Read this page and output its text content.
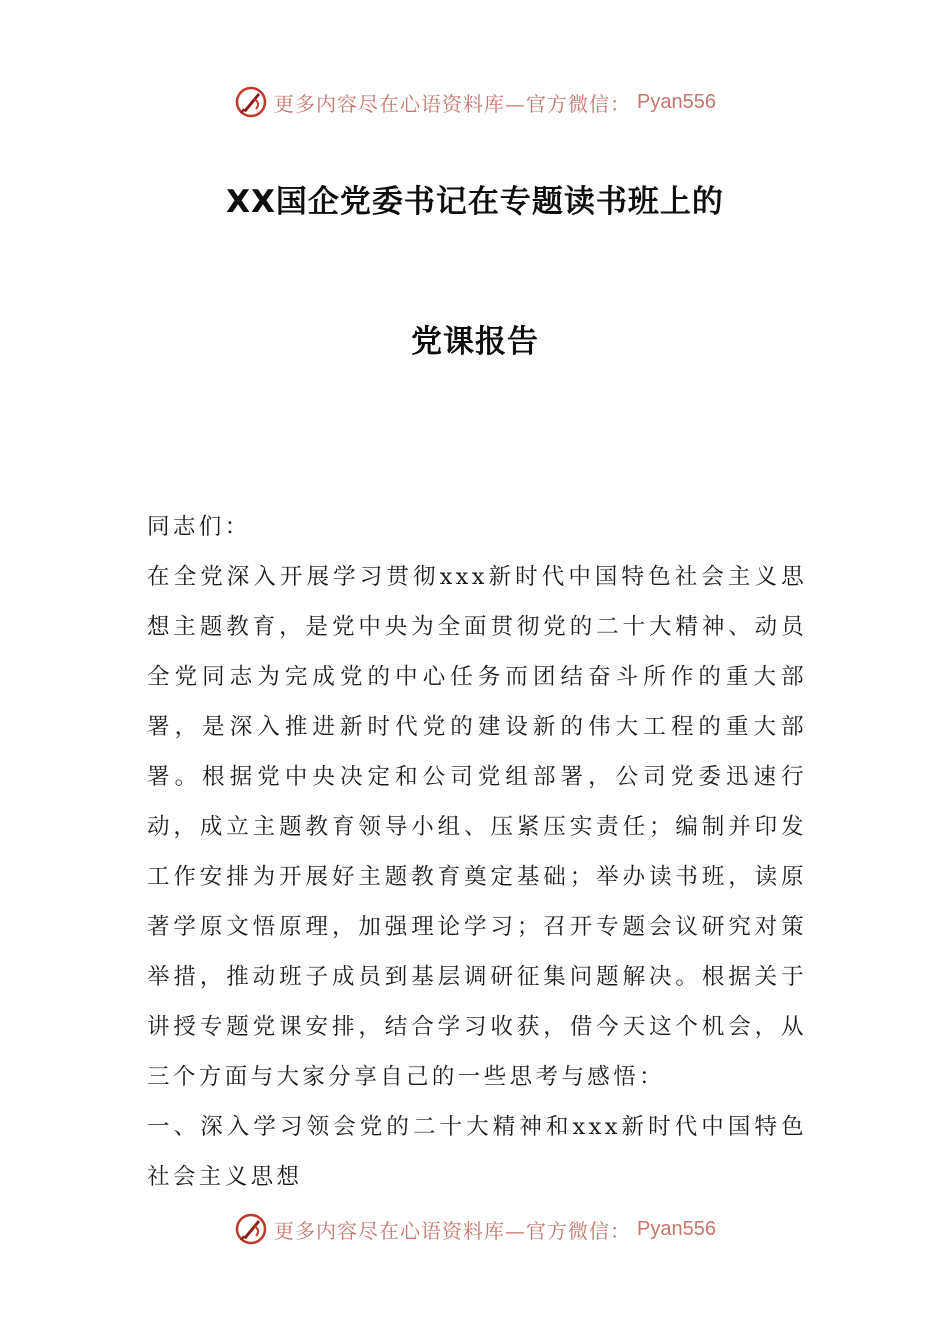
更多内容尽在心语资料库—官方微信： Pyan556
XX国企党委书记在专题读书班上的
党课报告

同志们：

在全党深入开展学习贯彻xxx新时代中国特色社会主义思想主题教育，是党中央为全面贯彻党的二十大精神、动员全党同志为完成党的中心任务而团结奋斗所作的重大部署，是深入推进新时代党的建设新的伟大工程的重大部署。根据党中央决定和公司党组部署，公司党委迅速行动，成立主题教育领导小组、压紧压实责任；编制并印发工作安排为开展好主题教育奠定基础；举办读书班，读原著学原文悟原理，加强理论学习；召开专题会议研究对策举措，推动班子成员到基层调研征集问题解决。根据关于讲授专题党课安排，结合学习收获，借今天这个机会，从三个方面与大家分享自己的一些思考与感悟：

一、深入学习领会党的二十大精神和xxx新时代中国特色社会主义思想

更多内容尽在心语资料库—官方微信： Pyan556
